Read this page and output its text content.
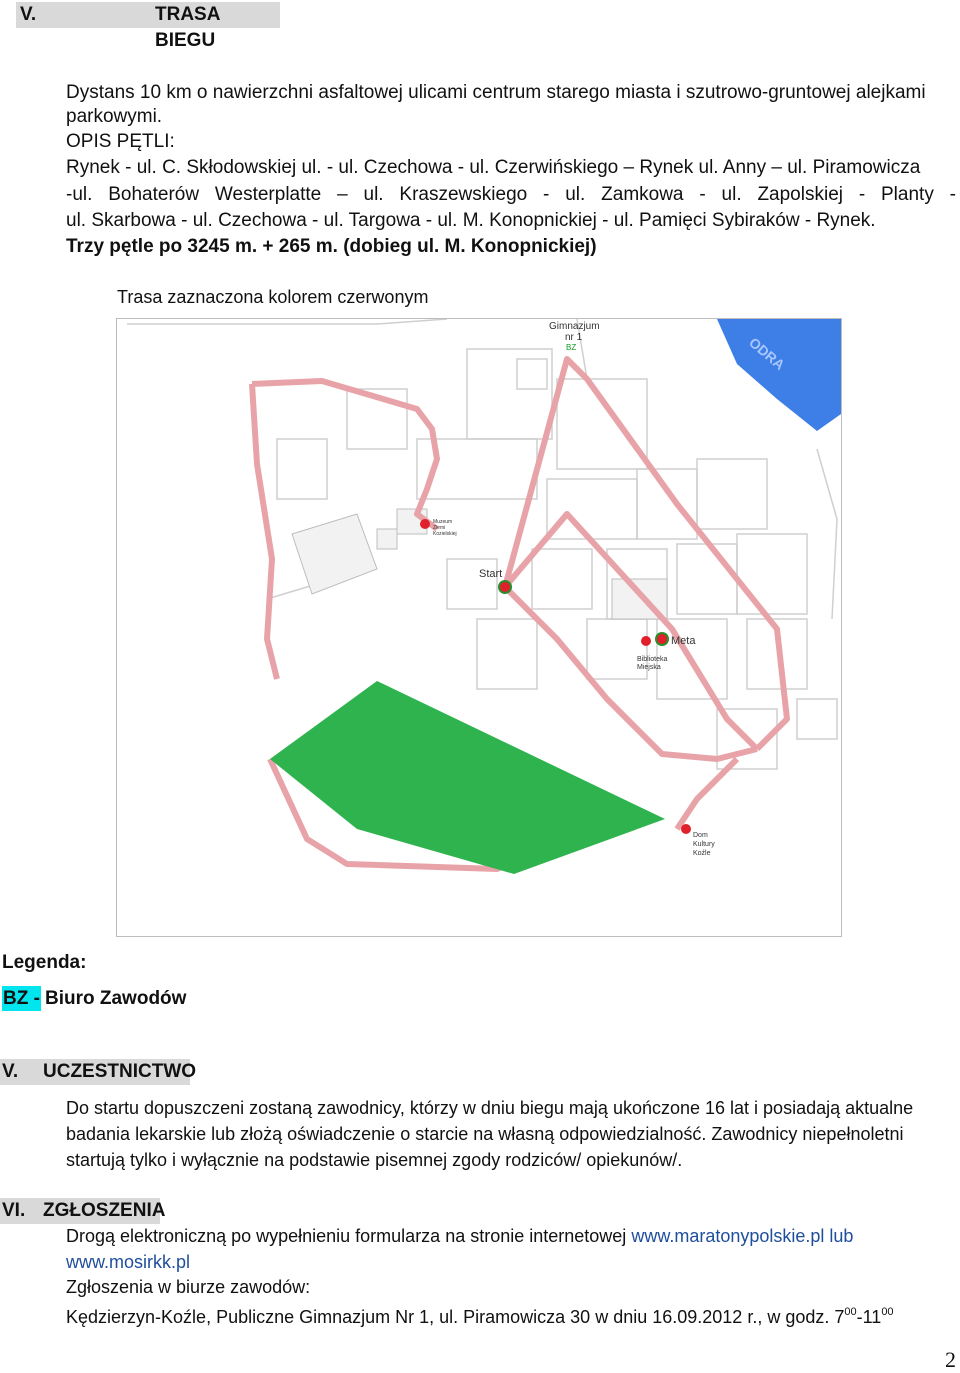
V.	TRASA BIEGU
Dystans 10 km o nawierzchni asfaltowej ulicami centrum starego miasta i szutrowo-gruntowej alejkami
parkowymi.
OPIS PĘTLI:
Rynek - ul. C. Skłodowskiej ul. - ul. Czechowa - ul. Czerwińskiego – Rynek ul. Anny – ul. Piramowicza
-ul. Bohaterów Westerplatte – ul. Kraszewskiego - ul. Zamkowa - ul. Zapolskiej - Planty -
ul. Skarbowa - ul. Czechowa - ul. Targowa - ul. M. Konopnickiej - ul. Pamięci Sybiraków - Rynek.
Trzy pętle po 3245 m. + 265 m. (dobieg ul. M. Konopnickiej)
Trasa zaznaczona kolorem czerwonym
ODRA
Gimnazjum
nr 1
BZ
Start
Meta
Muzeum
Ziemi
Kozielskiej
Biblioteka
Miejska
Dom
Kultury
Koźle
Legenda:
BZ - Biuro Zawodów
V. UCZESTNICTWO
Do startu dopuszczeni zostaną zawodnicy, którzy w dniu biegu mają ukończone 16 lat i posiadają aktualne
badania lekarskie lub złożą oświadczenie o starcie na własną odpowiedzialność. Zawodnicy niepełnoletni
startują tylko i wyłącznie na podstawie pisemnej zgody rodziców/ opiekunów/.
VI. ZGŁOSZENIA
Drogą elektroniczną po wypełnieniu formularza na stronie internetowej www.maratonypolskie.pl lub
www.mosirkk.pl
Zgłoszenia w biurze zawodów:
Kędzierzyn-Koźle, Publiczne Gimnazjum Nr 1, ul. Piramowicza 30 w dniu 16.09.2012 r., w godz. $7^{00}-11^{00}$
2
